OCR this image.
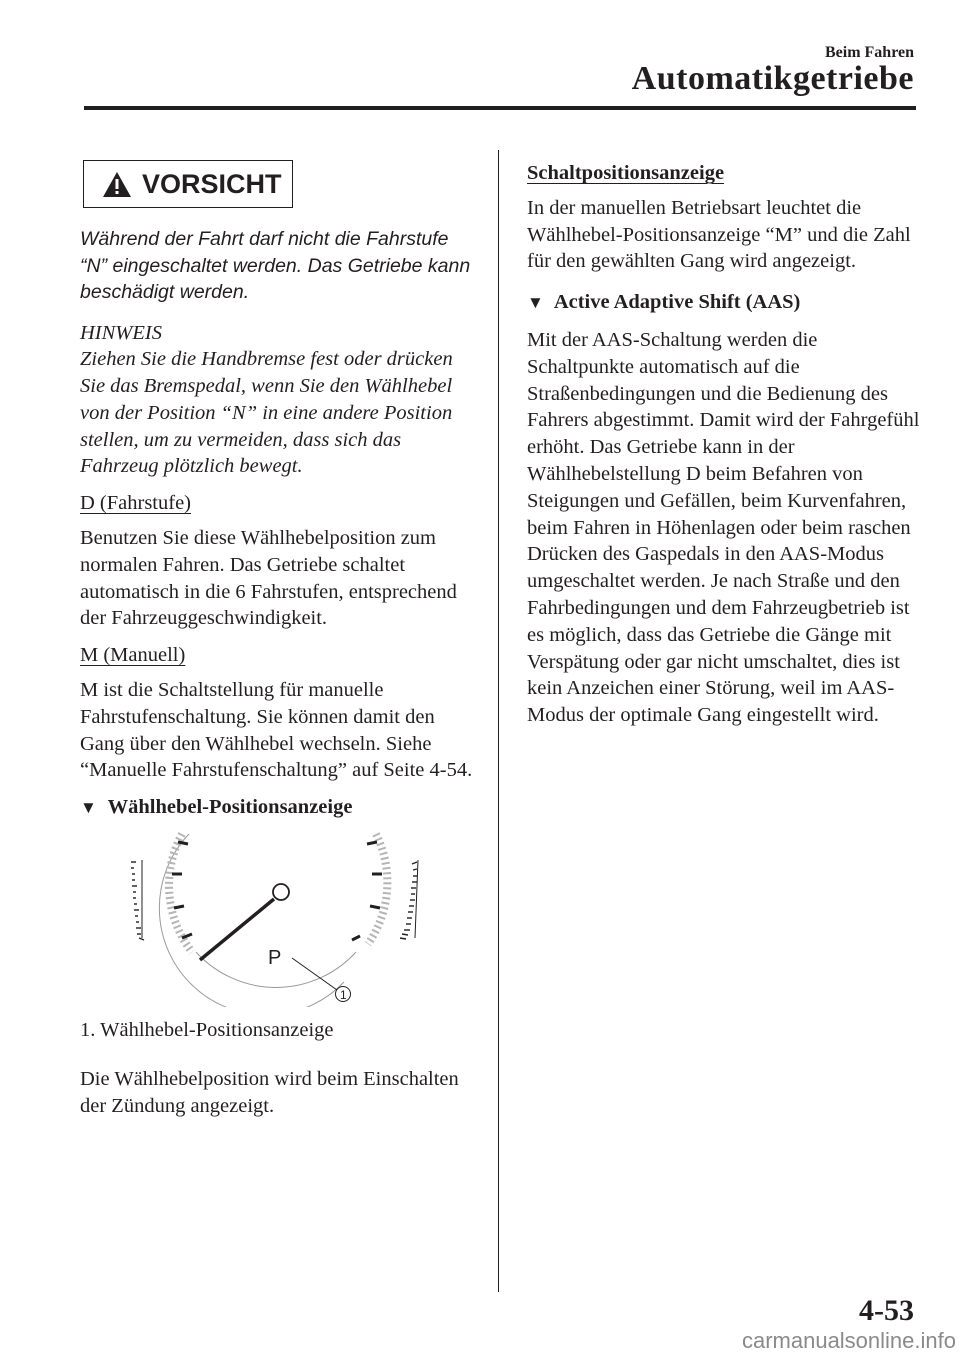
Beim Fahren
Automatikgetriebe
VORSICHT

Während der Fahrt darf nicht die Fahrstufe “N” eingeschaltet werden. Das Getriebe kann beschädigt werden.

HINWEIS

Ziehen Sie die Handbremse fest oder drücken Sie das Bremspedal, wenn Sie den Wählhebel von der Position “N” in eine andere Position stellen, um zu vermeiden, dass sich das Fahrzeug plötzlich bewegt.

D (Fahrstufe)

Benutzen Sie diese Wählhebelposition zum normalen Fahren. Das Getriebe schaltet automatisch in die 6 Fahrstufen, entsprechend der Fahrzeuggeschwindigkeit.

M (Manuell)

M ist die Schaltstellung für manuelle Fahrstufenschaltung. Sie können damit den Gang über den Wählhebel wechseln. Siehe “Manuelle Fahrstufenschaltung” auf Seite 4-54.

▼ Wählhebel-Positionsanzeige
P
1

1. Wählhebel-Positionsanzeige

Die Wählhebelposition wird beim Einschalten der Zündung angezeigt.

Schaltpositionsanzeige

In der manuellen Betriebsart leuchtet die Wählhebel-Positionsanzeige “M” und die Zahl für den gewählten Gang wird angezeigt.

▼ Active Adaptive Shift (AAS)

Mit der AAS-Schaltung werden die Schaltpunkte automatisch auf die Straßenbedingungen und die Bedienung des Fahrers abgestimmt. Damit wird der Fahrgefühl erhöht. Das Getriebe kann in der Wählhebelstellung D beim Befahren von Steigungen und Gefällen, beim Kurvenfahren, beim Fahren in Höhenlagen oder beim raschen Drücken des Gaspedals in den AAS-Modus umgeschaltet werden. Je nach Straße und den Fahrbedingungen und dem Fahrzeugbetrieb ist es möglich, dass das Getriebe die Gänge mit Verspätung oder gar nicht umschaltet, dies ist kein Anzeichen einer Störung, weil im AAS-Modus der optimale Gang eingestellt wird.

4-53
carmanualsonline.info
